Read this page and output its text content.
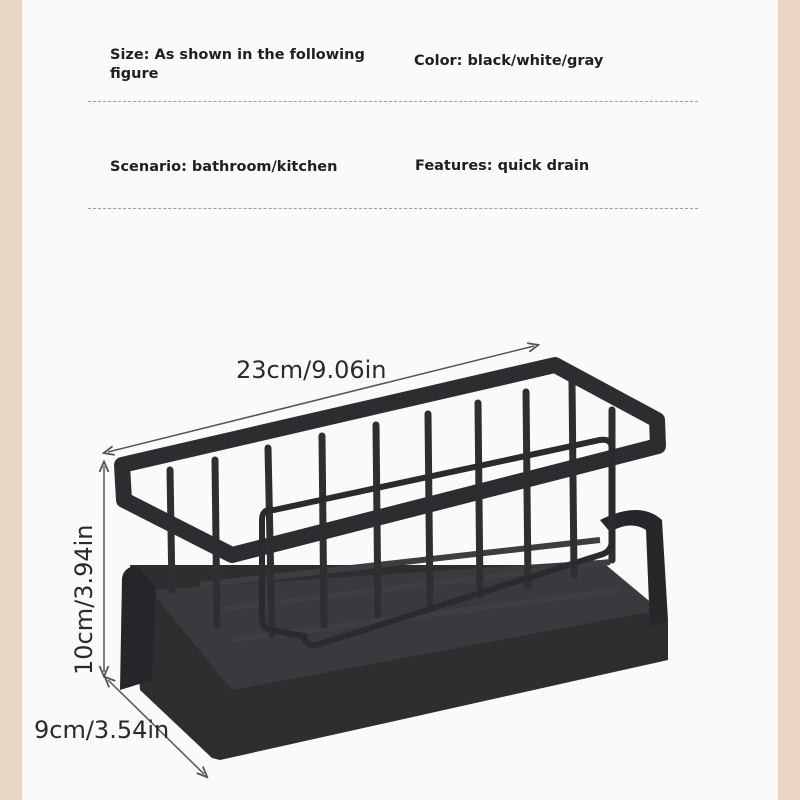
Size: As shown in the following figure
Color: black/white/gray
Scenario: bathroom/kitchen	Features: quick drain
23cm/9.06in
10cm/3.94in
9cm/3.54in
